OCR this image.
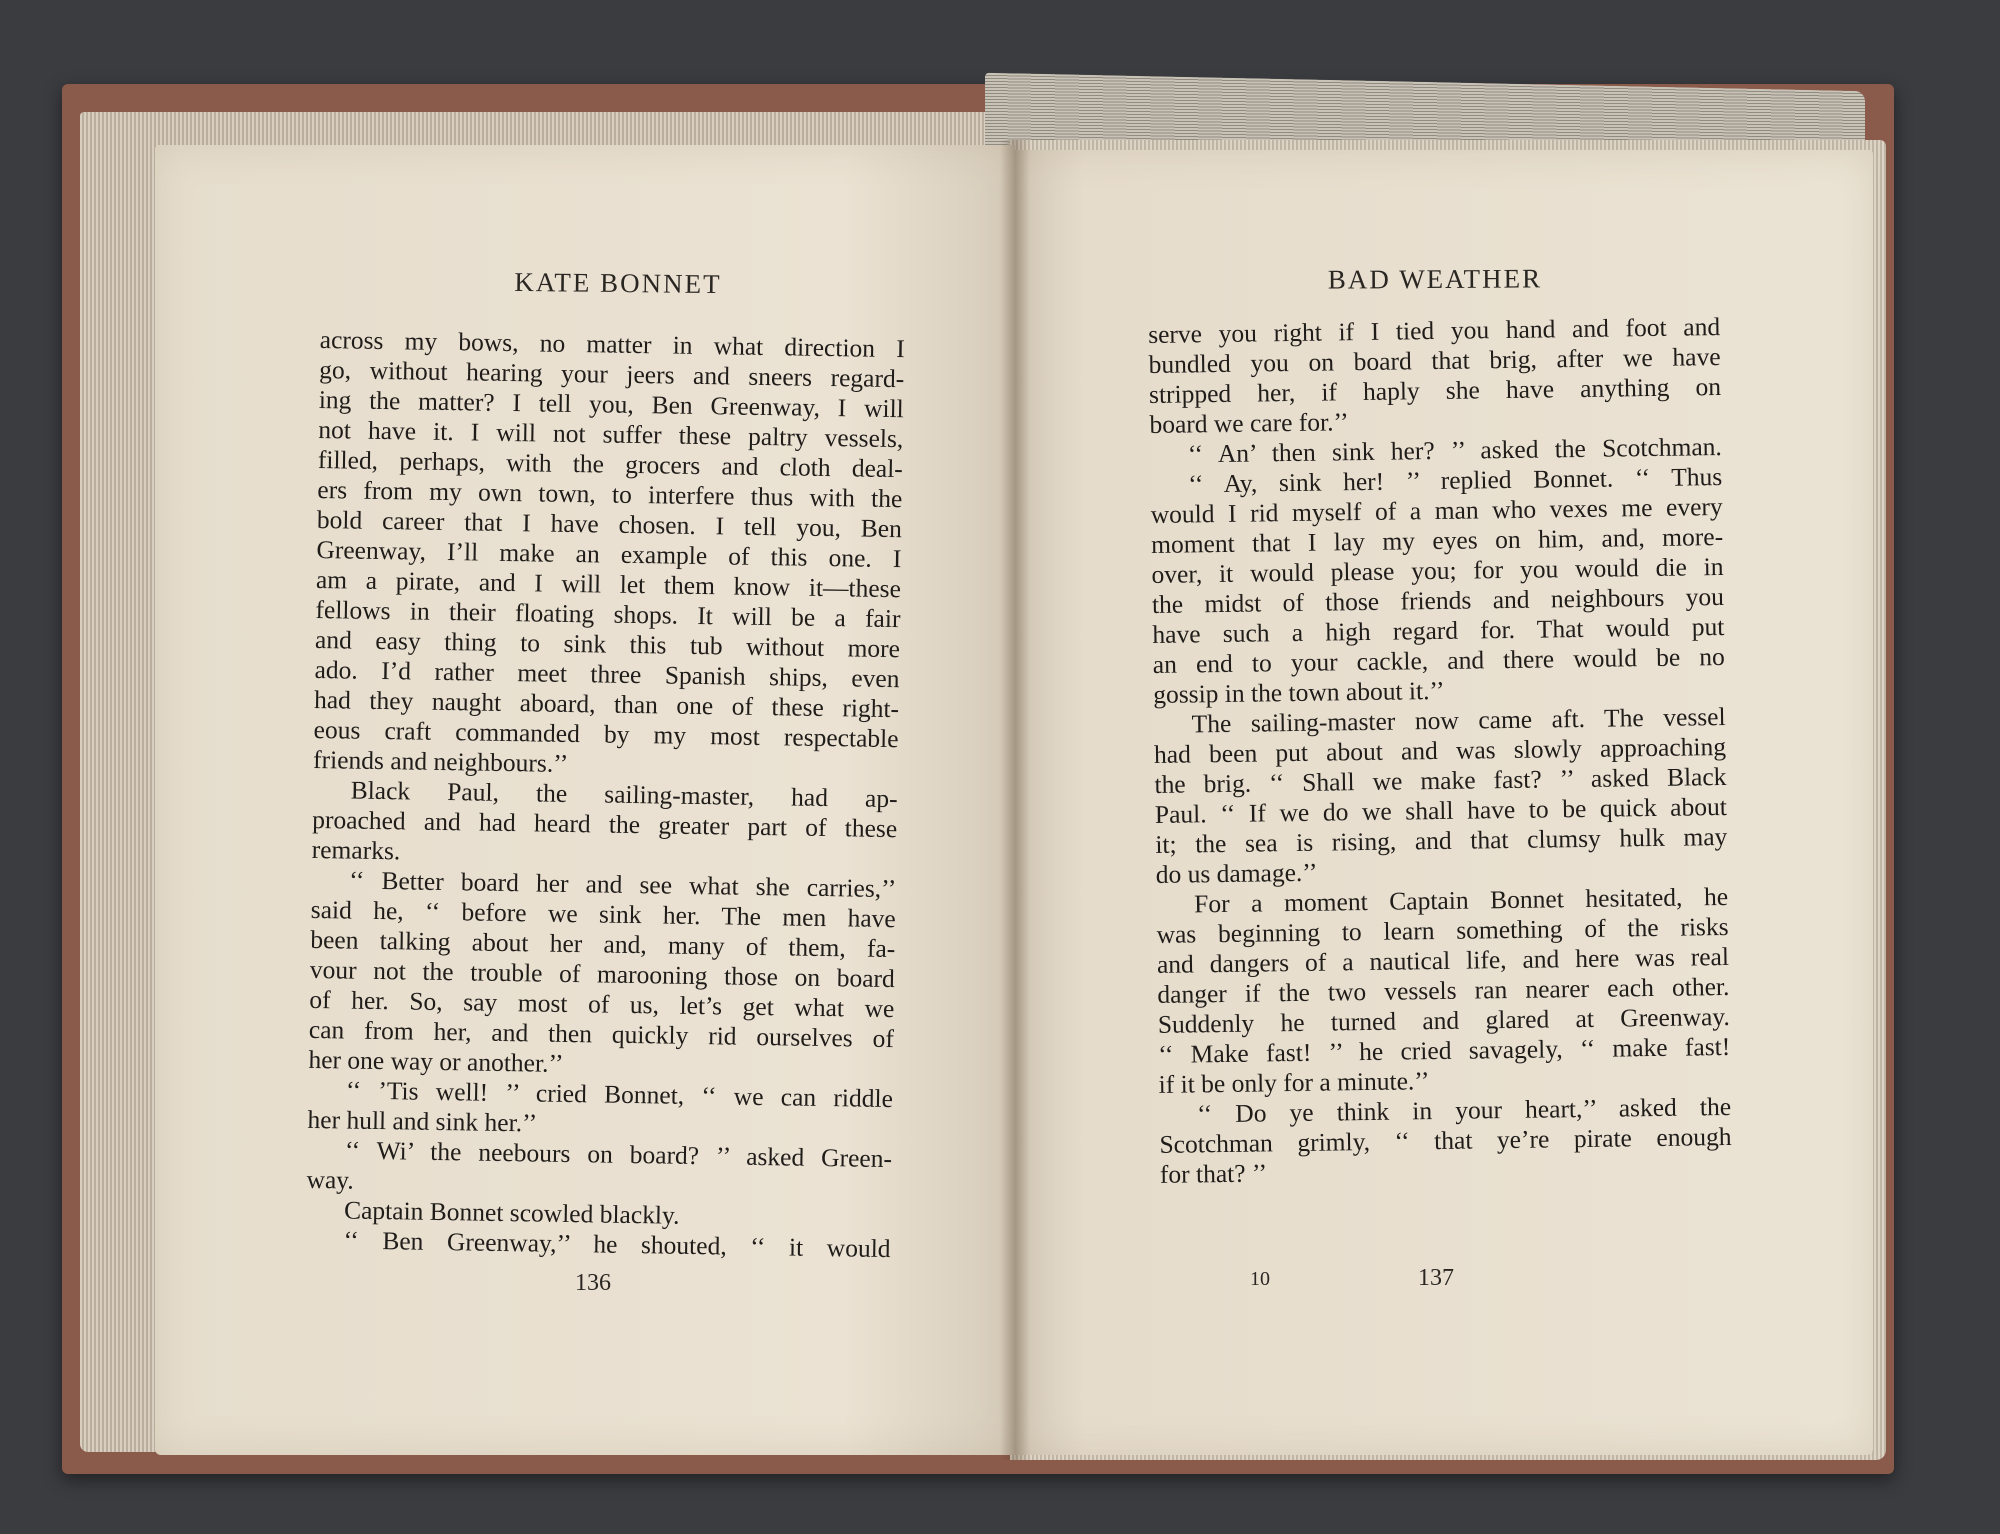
KATE BONNET	BAD WEATHER
across my bows, no matter in what direction I
go, without hearing your jeers and sneers regard-
ing the matter? I tell you, Ben Greenway, I will
not have it. I will not suffer these paltry vessels,
filled, perhaps, with the grocers and cloth deal-
ers from my own town, to interfere thus with the
bold career that I have chosen. I tell you, Ben
Greenway, I’ll make an example of this one. I
am a pirate, and I will let them know it—these
fellows in their floating shops. It will be a fair
and easy thing to sink this tub without more
ado. I’d rather meet three Spanish ships, even
had they naught aboard, than one of these right-
eous craft commanded by my most respectable
friends and neighbours.’’
Black Paul, the sailing-master, had ap-
proached and had heard the greater part of these
remarks.
‘‘ Better board her and see what she carries,’’
said he, ‘‘ before we sink her. The men have
been talking about her and, many of them, fa-
vour not the trouble of marooning those on board
of her. So, say most of us, let’s get what we
can from her, and then quickly rid ourselves of
her one way or another.’’
‘‘ ’Tis well! ’’ cried Bonnet, ‘‘ we can riddle
her hull and sink her.’’
‘‘ Wi’ the neebours on board? ’’ asked Green-
way.
Captain Bonnet scowled blackly.
‘‘ Ben Greenway,’’ he shouted, ‘‘ it would
serve you right if I tied you hand and foot and
bundled you on board that brig, after we have
stripped her, if haply she have anything on
board we care for.’’
‘‘ An’ then sink her? ’’ asked the Scotchman.
‘‘ Ay, sink her! ’’ replied Bonnet. ‘‘ Thus
would I rid myself of a man who vexes me every
moment that I lay my eyes on him, and, more-
over, it would please you; for you would die in
the midst of those friends and neighbours you
have such a high regard for. That would put
an end to your cackle, and there would be no
gossip in the town about it.’’
The sailing-master now came aft. The vessel
had been put about and was slowly approaching
the brig. ‘‘ Shall we make fast? ’’ asked Black
Paul. ‘‘ If we do we shall have to be quick about
it; the sea is rising, and that clumsy hulk may
do us damage.’’
For a moment Captain Bonnet hesitated, he
was beginning to learn something of the risks
and dangers of a nautical life, and here was real
danger if the two vessels ran nearer each other.
Suddenly he turned and glared at Greenway.
‘‘ Make fast! ’’ he cried savagely, ‘‘ make fast!
if it be only for a minute.’’
‘‘ Do ye think in your heart,’’ asked the
Scotchman grimly, ‘‘ that ye’re pirate enough
for that? ’’
136	10	137
